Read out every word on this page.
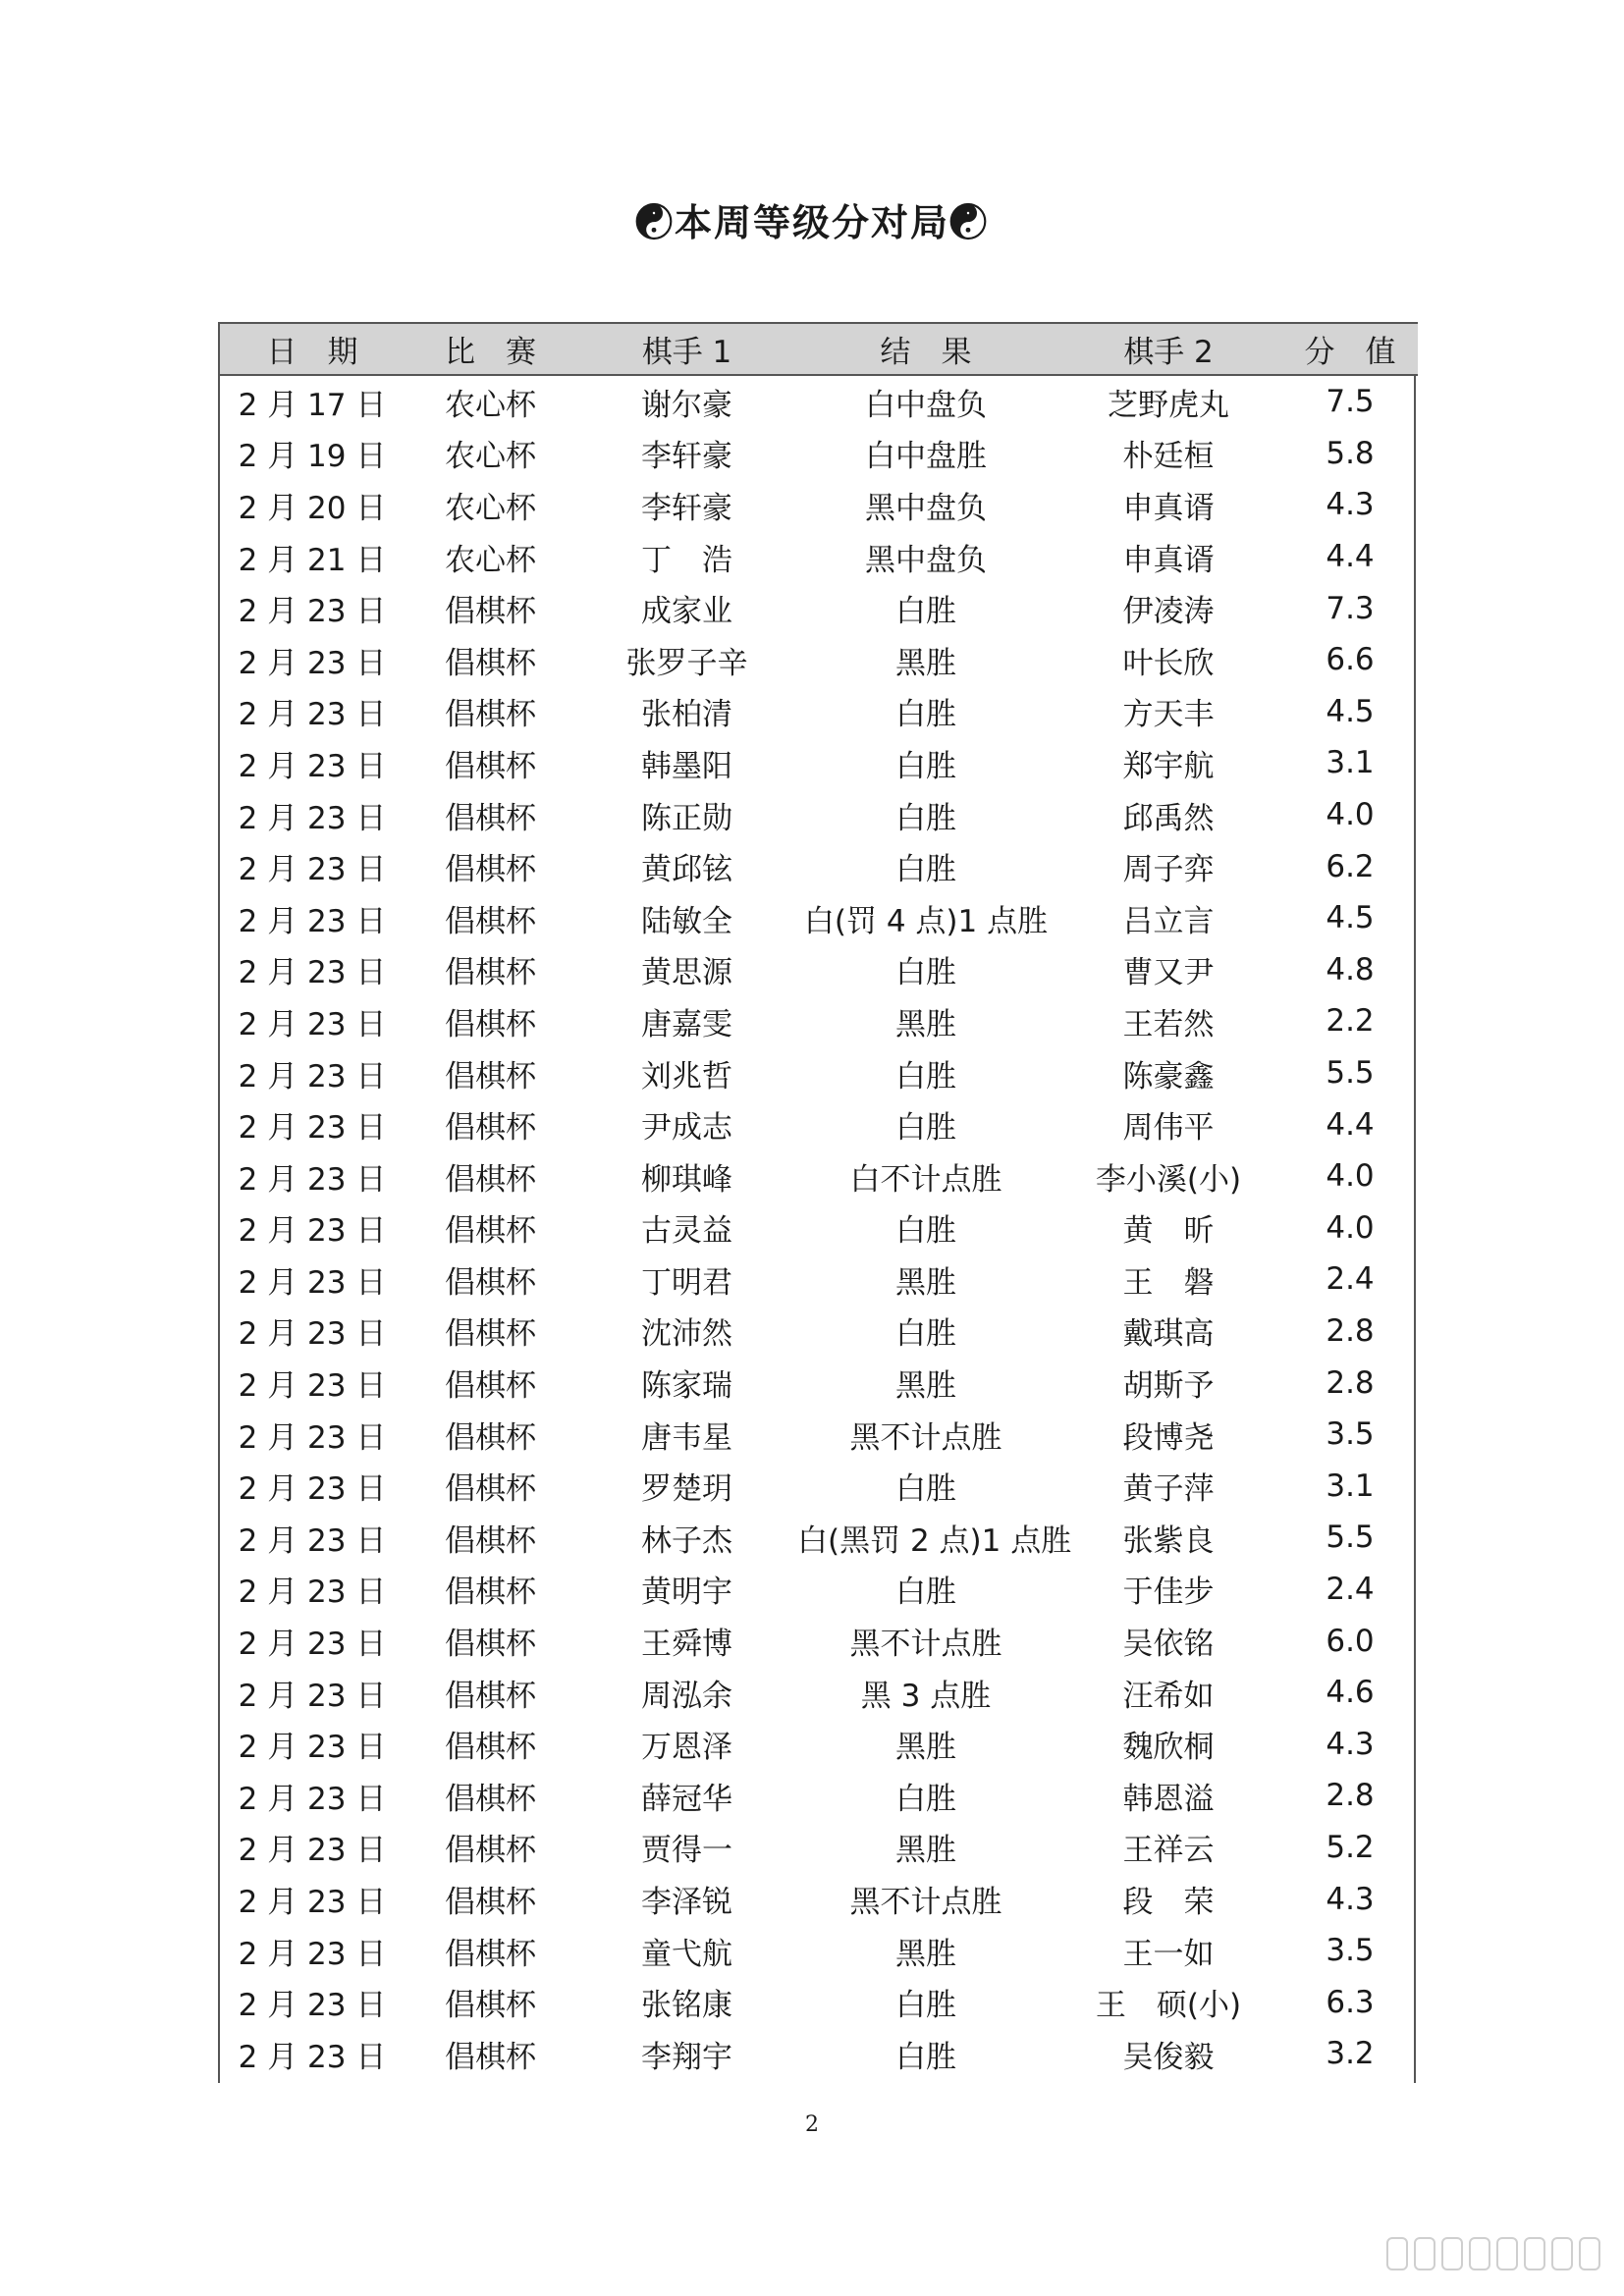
☯本周等级分对局☯
日　期	比　赛	棋手 1	结　果	棋手 2	分　值
2 月 17 日	农心杯	谢尔豪	白中盘负	芝野虎丸	7.5
2 月 19 日	农心杯	李轩豪	白中盘胜	朴廷桓	5.8
2 月 20 日	农心杯	李轩豪	黑中盘负	申真谞	4.3
2 月 21 日	农心杯	丁　浩	黑中盘负	申真谞	4.4
2 月 23 日	倡棋杯	成家业	白胜	伊凌涛	7.3
2 月 23 日	倡棋杯	张罗子辛	黑胜	叶长欣	6.6
2 月 23 日	倡棋杯	张柏清	白胜	方天丰	4.5
2 月 23 日	倡棋杯	韩墨阳	白胜	郑宇航	3.1
2 月 23 日	倡棋杯	陈正勋	白胜	邱禹然	4.0
2 月 23 日	倡棋杯	黄邱铉	白胜	周子弈	6.2
2 月 23 日	倡棋杯	陆敏全	白(罚 4 点)1 点胜	吕立言	4.5
2 月 23 日	倡棋杯	黄思源	白胜	曹又尹	4.8
2 月 23 日	倡棋杯	唐嘉雯	黑胜	王若然	2.2
2 月 23 日	倡棋杯	刘兆哲	白胜	陈豪鑫	5.5
2 月 23 日	倡棋杯	尹成志	白胜	周伟平	4.4
2 月 23 日	倡棋杯	柳琪峰	白不计点胜	李小溪(小)	4.0
2 月 23 日	倡棋杯	古灵益	白胜	黄　昕	4.0
2 月 23 日	倡棋杯	丁明君	黑胜	王　磐	2.4
2 月 23 日	倡棋杯	沈沛然	白胜	戴琪高	2.8
2 月 23 日	倡棋杯	陈家瑞	黑胜	胡斯予	2.8
2 月 23 日	倡棋杯	唐韦星	黑不计点胜	段博尧	3.5
2 月 23 日	倡棋杯	罗楚玥	白胜	黄子萍	3.1
2 月 23 日	倡棋杯	林子杰	白(黑罚 2 点)1 点胜	张紫良	5.5
2 月 23 日	倡棋杯	黄明宇	白胜	于佳步	2.4
2 月 23 日	倡棋杯	王舜博	黑不计点胜	吴依铭	6.0
2 月 23 日	倡棋杯	周泓余	黑 3 点胜	汪希如	4.6
2 月 23 日	倡棋杯	万恩泽	黑胜	魏欣桐	4.3
2 月 23 日	倡棋杯	薛冠华	白胜	韩恩溢	2.8
2 月 23 日	倡棋杯	贾得一	黑胜	王祥云	5.2
2 月 23 日	倡棋杯	李泽锐	黑不计点胜	段　荣	4.3
2 月 23 日	倡棋杯	童弋航	黑胜	王一如	3.5
2 月 23 日	倡棋杯	张铭康	白胜	王　硕(小)	6.3
2 月 23 日	倡棋杯	李翔宇	白胜	吴俊毅	3.2
2
